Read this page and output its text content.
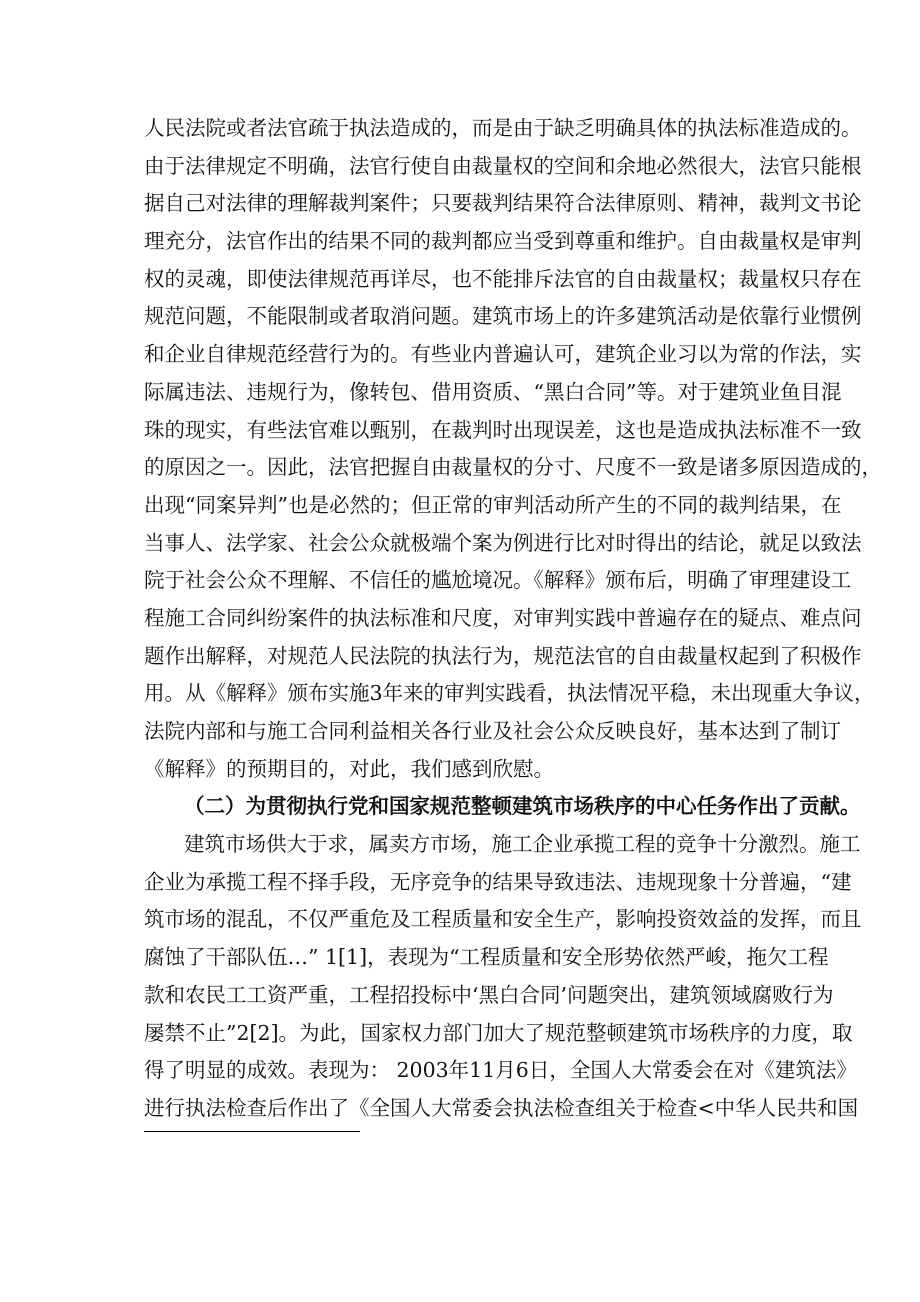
人民法院或者法官疏于执法造成的，而是由于缺乏明确具体的执法标准造成的。
由于法律规定不明确，法官行使自由裁量权的空间和余地必然很大，法官只能根
据自己对法律的理解裁判案件；只要裁判结果符合法律原则、精神，裁判文书论
理充分，法官作出的结果不同的裁判都应当受到尊重和维护。自由裁量权是审判
权的灵魂，即使法律规范再详尽，也不能排斥法官的自由裁量权；裁量权只存在
规范问题，不能限制或者取消问题。建筑市场上的许多建筑活动是依靠行业惯例
和企业自律规范经营行为的。有些业内普遍认可，建筑企业习以为常的作法，实
际属违法、违规行为，像转包、借用资质、“黑白合同”等。对于建筑业鱼目混
珠的现实，有些法官难以甄别，在裁判时出现误差，这也是造成执法标准不一致
的原因之一。因此，法官把握自由裁量权的分寸、尺度不一致是诸多原因造成的，
出现“同案异判”也是必然的；但正常的审判活动所产生的不同的裁判结果，在
当事人、法学家、社会公众就极端个案为例进行比对时得出的结论，就足以致法
院于社会公众不理解、不信任的尴尬境况。《解释》颁布后，明确了审理建设工
程施工合同纠纷案件的执法标准和尺度，对审判实践中普遍存在的疑点、难点问
题作出解释，对规范人民法院的执法行为，规范法官的自由裁量权起到了积极作
用。从《解释》颁布实施3年来的审判实践看，执法情况平稳，未出现重大争议，
法院内部和与施工合同利益相关各行业及社会公众反映良好，基本达到了制订
《解释》的预期目的，对此，我们感到欣慰。
（二）为贯彻执行党和国家规范整顿建筑市场秩序的中心任务作出了贡献。
建筑市场供大于求，属卖方市场，施工企业承揽工程的竞争十分激烈。施工
企业为承揽工程不择手段，无序竞争的结果导致违法、违规现象十分普遍，“建
筑市场的混乱，不仅严重危及工程质量和安全生产，影响投资效益的发挥，而且
腐蚀了干部队伍…” 1[1]，表现为“工程质量和安全形势依然严峻，拖欠工程
款和农民工工资严重，工程招投标中‘黑白合同’问题突出，建筑领域腐败行为
屡禁不止”2[2]。为此，国家权力部门加大了规范整顿建筑市场秩序的力度，取
得了明显的成效。表现为： 2003年11月6日，全国人大常委会在对《建筑法》
进行执法检查后作出了《全国人大常委会执法检查组关于检查<中华人民共和国
